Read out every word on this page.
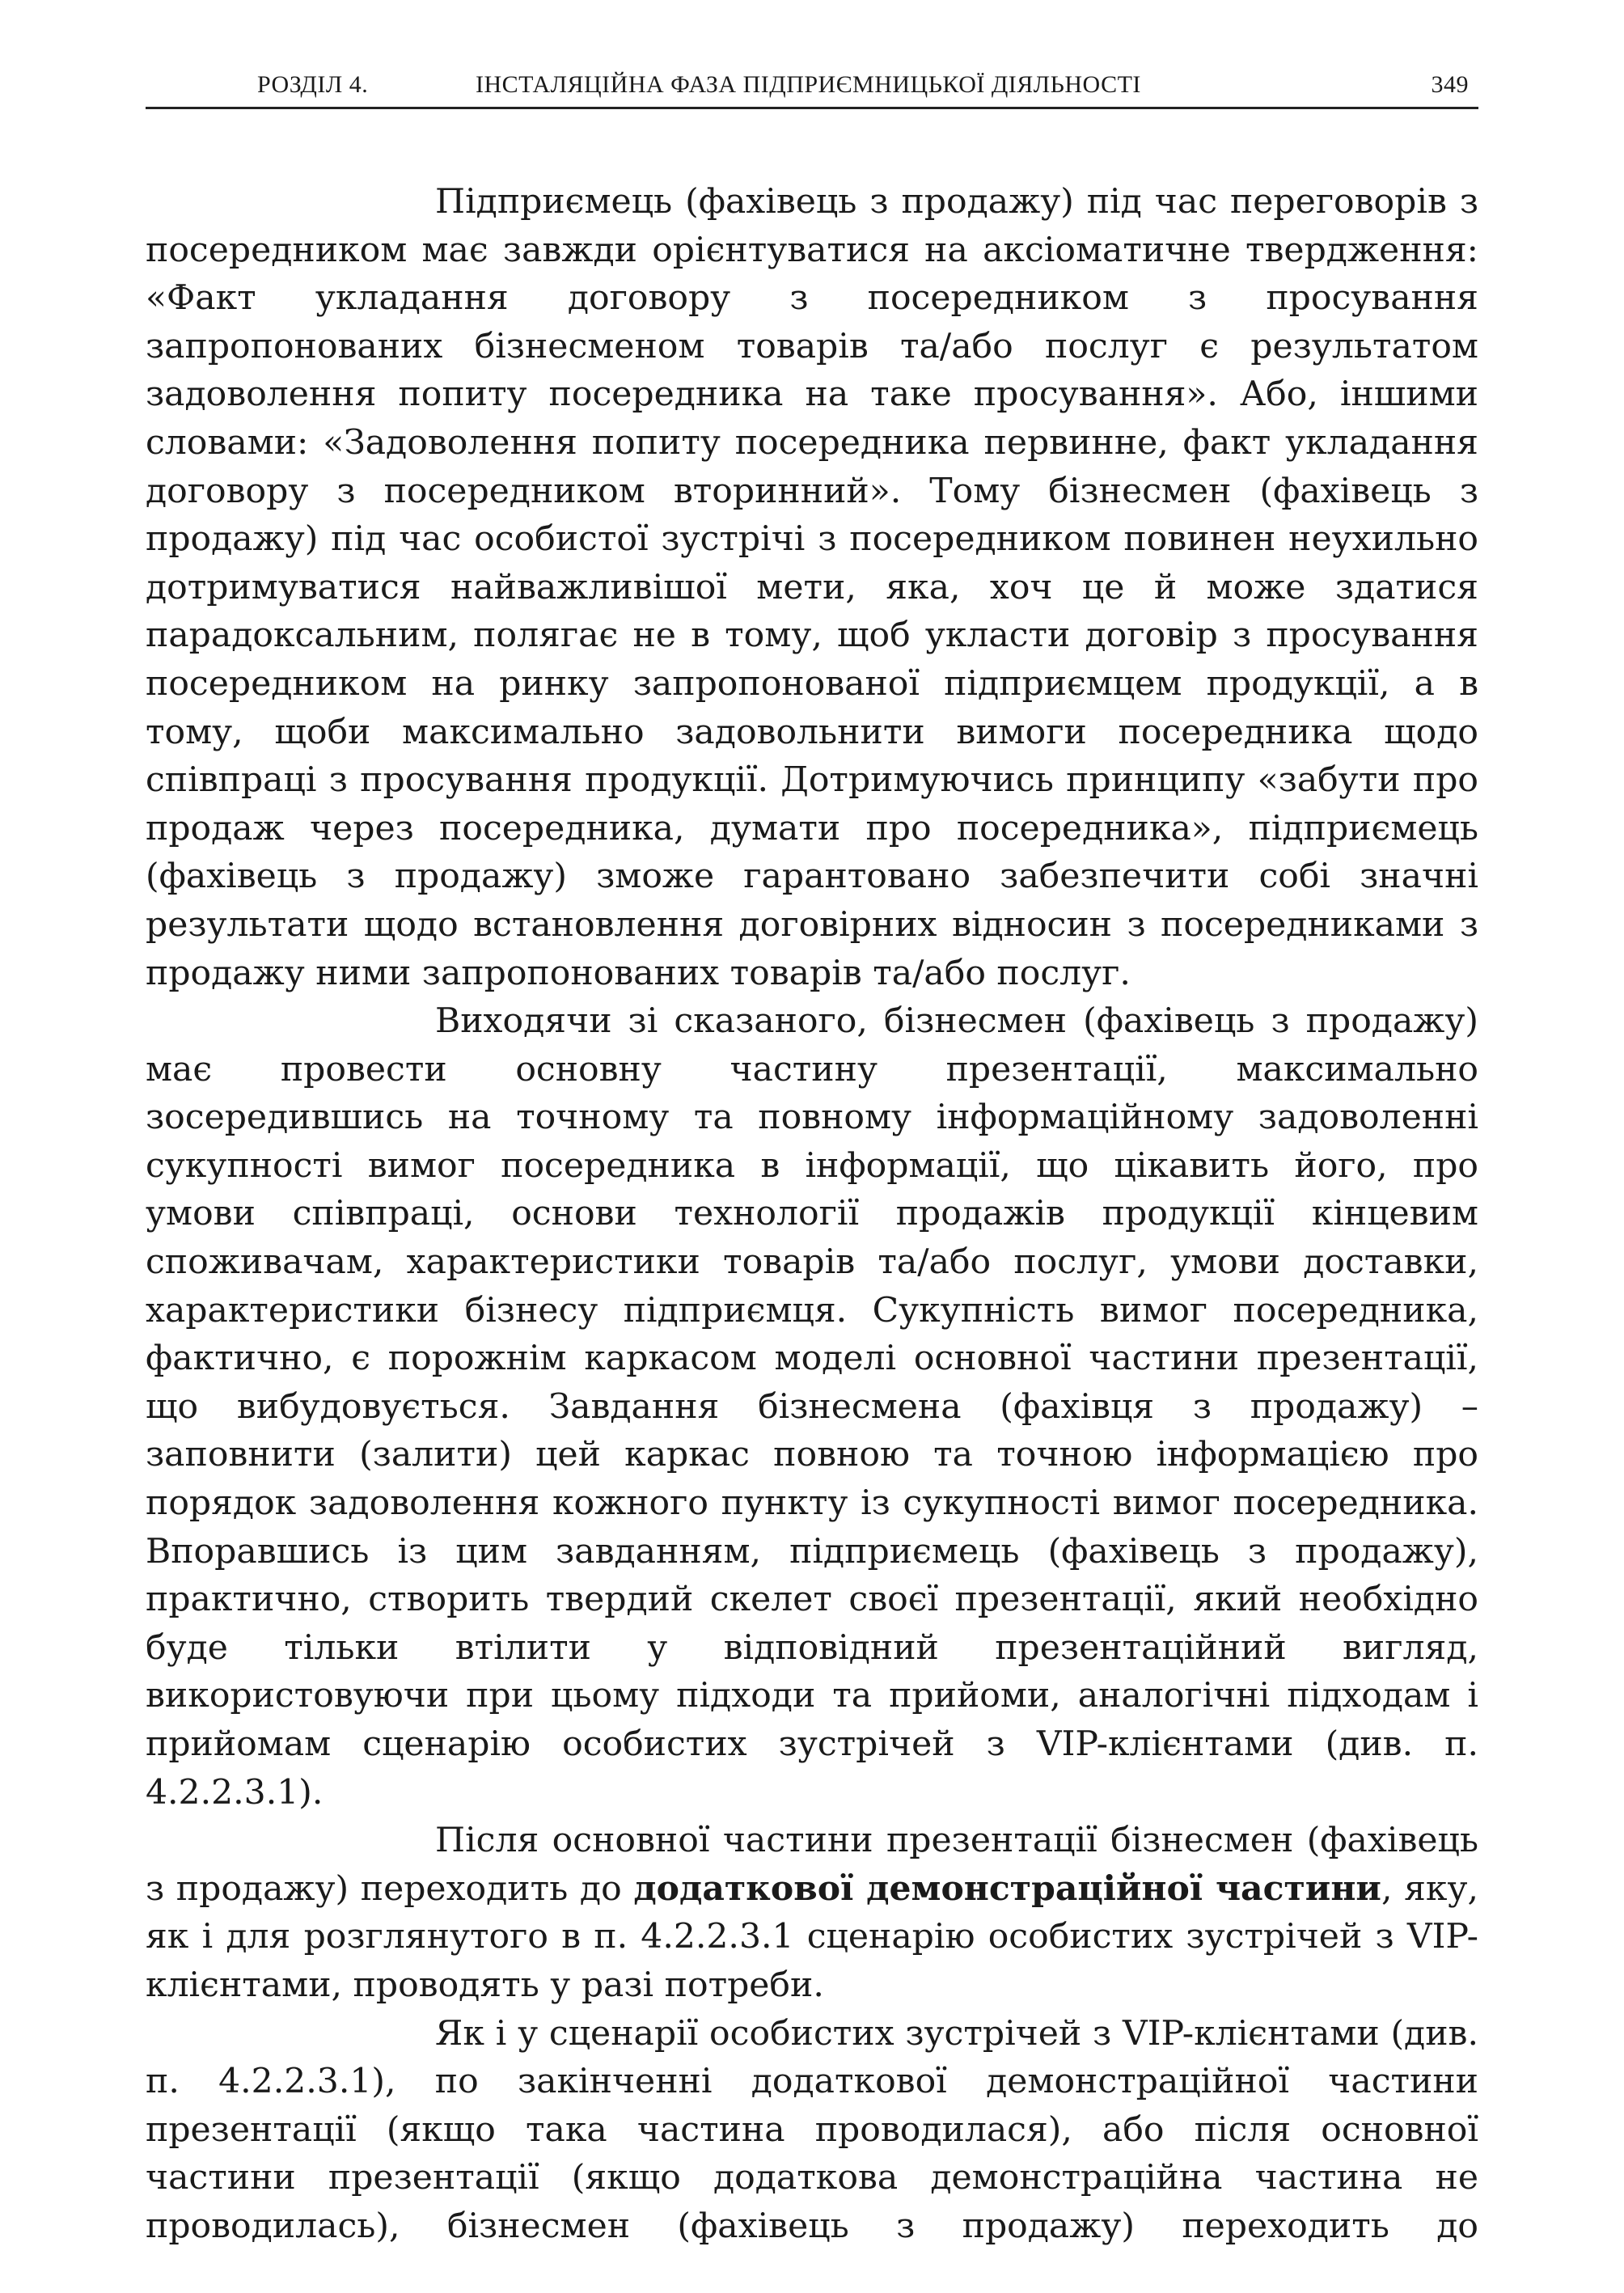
РОЗДІЛ 4.	ІНСТАЛЯЦІЙНА ФАЗА ПІДПРИЄМНИЦЬКОЇ ДІЯЛЬНОСТІ	349

Підприємець (фахівець з продажу) під час переговорів з посередником має завжди орієнтуватися на аксіоматичне твердження: «Факт укладання договору з посередником з просування запропонованих бізнесменом товарів та/або послуг є результатом задоволення попиту посередника на таке просування». Або, іншими словами: «Задоволення попиту посередника первинне, факт укладання договору з посередником вторинний». Тому бізнесмен (фахівець з продажу) під час особистої зустрічі з посередником повинен неухильно дотримуватися найважливішої мети, яка, хоч це й може здатися парадоксальним, полягає не в тому, щоб укласти договір з просування посередником на ринку запропонованої підприємцем продукції, а в тому, щоби максимально задовольнити вимоги посередника щодо співпраці з просування продукції. Дотримуючись принципу «забути про продаж через посередника, думати про посередника», підприємець (фахівець з продажу) зможе гарантовано забезпечити собі значні результати щодо встановлення договірних відносин з посередниками з продажу ними запропонованих товарів та/або послуг.

Виходячи зі сказаного, бізнесмен (фахівець з продажу) має провести основну частину презентації, максимально зосередившись на точному та повному інформаційному задоволенні сукупності вимог посередника в інформації, що цікавить його, про умови співпраці, основи технології продажів продукції кінцевим споживачам, характеристики товарів та/або послуг, умови доставки, характеристики бізнесу підприємця. Сукупність вимог посередника, фактично, є порожнім каркасом моделі основної частини презентації, що вибудовується. Завдання бізнесмена (фахівця з продажу) – заповнити (залити) цей каркас повною та точною інформацією про порядок задоволення кожного пункту із сукупності вимог посередника. Впоравшись із цим завданням, підприємець (фахівець з продажу), практично, створить твердий скелет своєї презентації, який необхідно буде тільки втілити у відповідний презентаційний вигляд, використовуючи при цьому підходи та прийоми, аналогічні підходам і прийомам сценарію особистих зустрічей з VIP-клієнтами (див. п. 4.2.2.3.1).

Після основної частини презентації бізнесмен (фахівець з продажу) переходить до додаткової демонстраційної частини, яку, як і для розглянутого в п. 4.2.2.3.1 сценарію особистих зустрічей з VIP-клієнтами, проводять у разі потреби.

Як і у сценарії особистих зустрічей з VIP-клієнтами (див. п. 4.2.2.3.1), по закінченні додаткової демонстраційної частини презентації (якщо така частина проводилася), або після основної частини презентації (якщо додаткова демонстраційна частина не проводилась), бізнесмен (фахівець з продажу) переходить до
